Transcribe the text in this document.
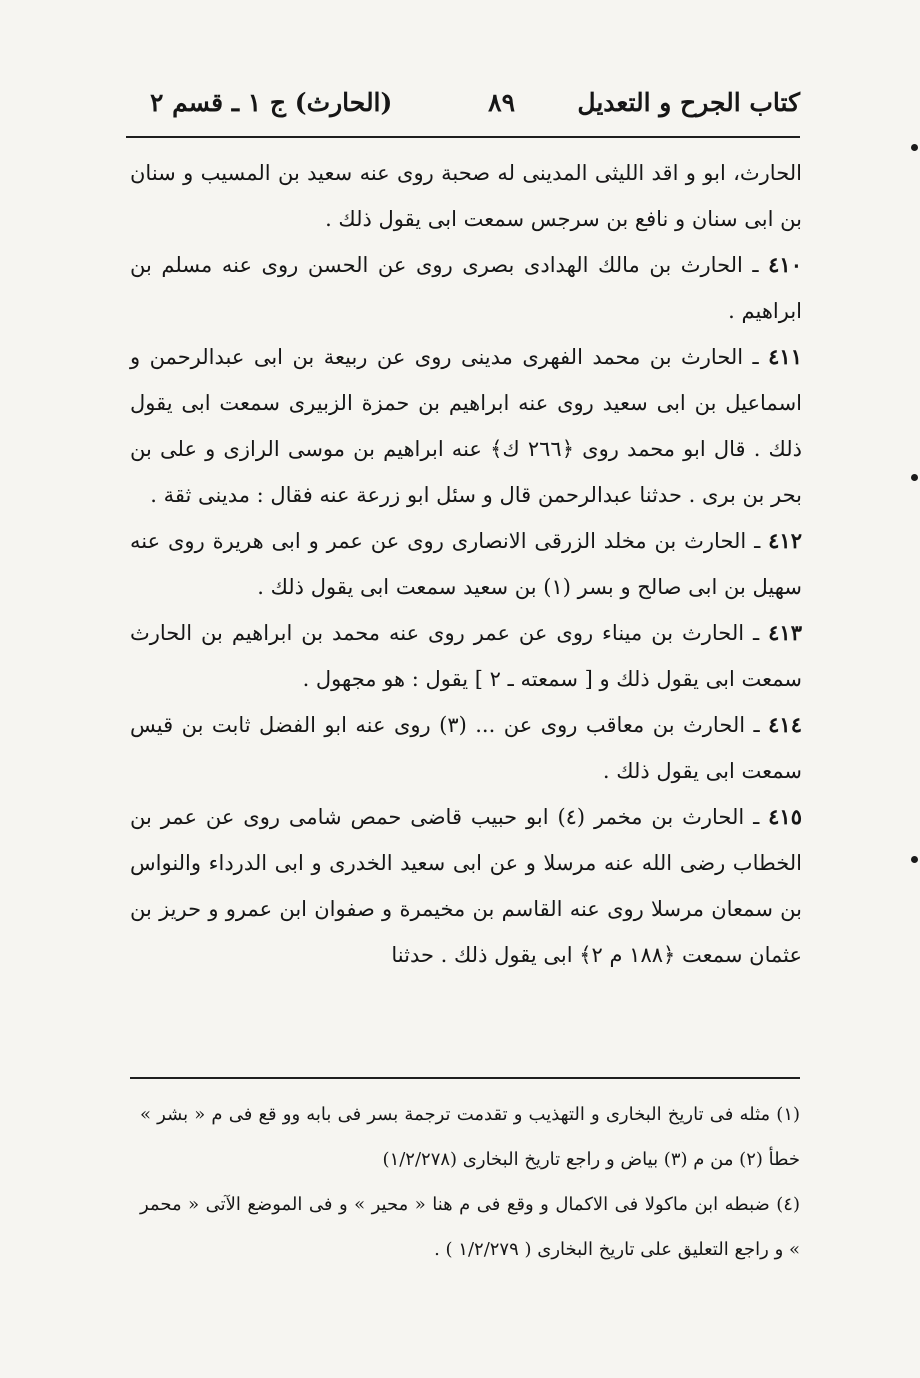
كتاب الجرح و التعديل
٨٩
(الحارث) ج ١ ـ قسم ٢

الحارث، ابو و اقد الليثى المدينى له صحبة روى عنه سعيد بن المسيب و سنان بن ابى سنان و نافع بن سرجس سمعت ابى يقول ذلك .

٤١٠ ـ الحارث بن مالك الهدادى بصرى روى عن الحسن روى عنه مسلم بن ابراهيم .

٤١١ ـ الحارث بن محمد الفهرى مدينى روى عن ربيعة بن ابى عبدالرحمن و اسماعيل بن ابى سعيد روى عنه ابراهيم بن حمزة الزبيرى سمعت ابى يقول ذلك . قال ابو محمد روى ﴿٢٦٦ ك﴾ عنه ابراهيم بن موسى الرازى و على بن بحر بن برى . حدثنا عبدالرحمن قال و سئل ابو زرعة عنه فقال : مدينى ثقة .

٤١٢ ـ الحارث بن مخلد الزرقى الانصارى روى عن عمر و ابى هريرة روى عنه سهيل بن ابى صالح و بسر (١) بن سعيد سمعت ابى يقول ذلك .

٤١٣ ـ الحارث بن ميناء روى عن عمر روى عنه محمد بن ابراهيم بن الحارث سمعت ابى يقول ذلك و [ سمعته ـ ٢ ] يقول : هو مجهول .

٤١٤ ـ الحارث بن معاقب روى عن ... (٣) روى عنه ابو الفضل ثابت بن قيس سمعت ابى يقول ذلك .

٤١٥ ـ الحارث بن مخمر (٤) ابو حبيب قاضى حمص شامى روى عن عمر بن الخطاب رضى الله عنه مرسلا و عن ابى سعيد الخدرى و ابى الدرداء والنواس بن سمعان مرسلا روى عنه القاسم بن مخيمرة و صفوان ابن عمرو و حريز بن عثمان سمعت ﴿١٨٨ م ٢﴾ ابى يقول ذلك . حدثنا

(١) مثله فى تاريخ البخارى و التهذيب و تقدمت ترجمة بسر فى بابه وو قع فى م « بشر » خطأ (٢) من م (٣) بياض و راجع تاريخ البخارى (١/٢/٢٧٨)

(٤) ضبطه ابن ماكولا فى الاكمال و وقع فى م هنا « محير » و فى الموضع الآتى « محمر » و راجع التعليق على تاريخ البخارى ( ١/٢/٢٧٩ ) .
